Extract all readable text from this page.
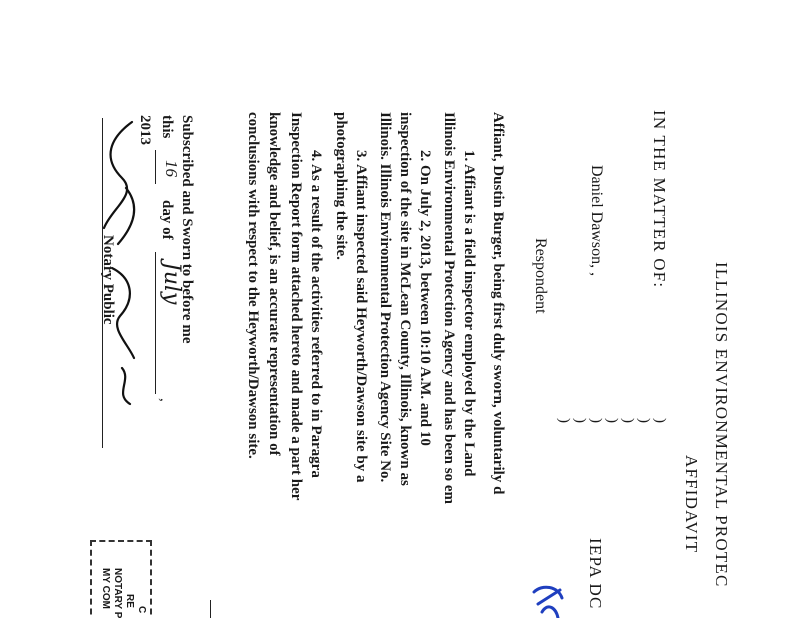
ILLINOIS ENVIRONMENTAL PROTEC
AFFIDAVIT
IN THE MATTER OF:
Daniel Dawson, ,
Respondent
IEPA DC
)
)
)
)
)
)
)
Affiant, Dustin Burger, being first duly sworn, voluntarily d
1. Affiant is a field inspector employed by the Land
Illinois Environmental Protection Agency and has been so em
2. On July 2, 2013, between 10:10 A.M. and 10
inspection of the site in McLean County, Illinois, known as
Illinois. Illinois Environmental Protection Agency Site No.
3. Affiant inspected said Heyworth/Dawson site by a
photographing the site.
4. As a result of the activities referred to in Paragra
Inspection Report form attached hereto and made a part her
knowledge and belief, is an accurate representation of
conclusions with respect to the Heyworth/Dawson site.
Subscribed and Sworn to before me
this
16
day of
July
,
2013
Notary Public
C
RE
NOTARY P
MY COM
